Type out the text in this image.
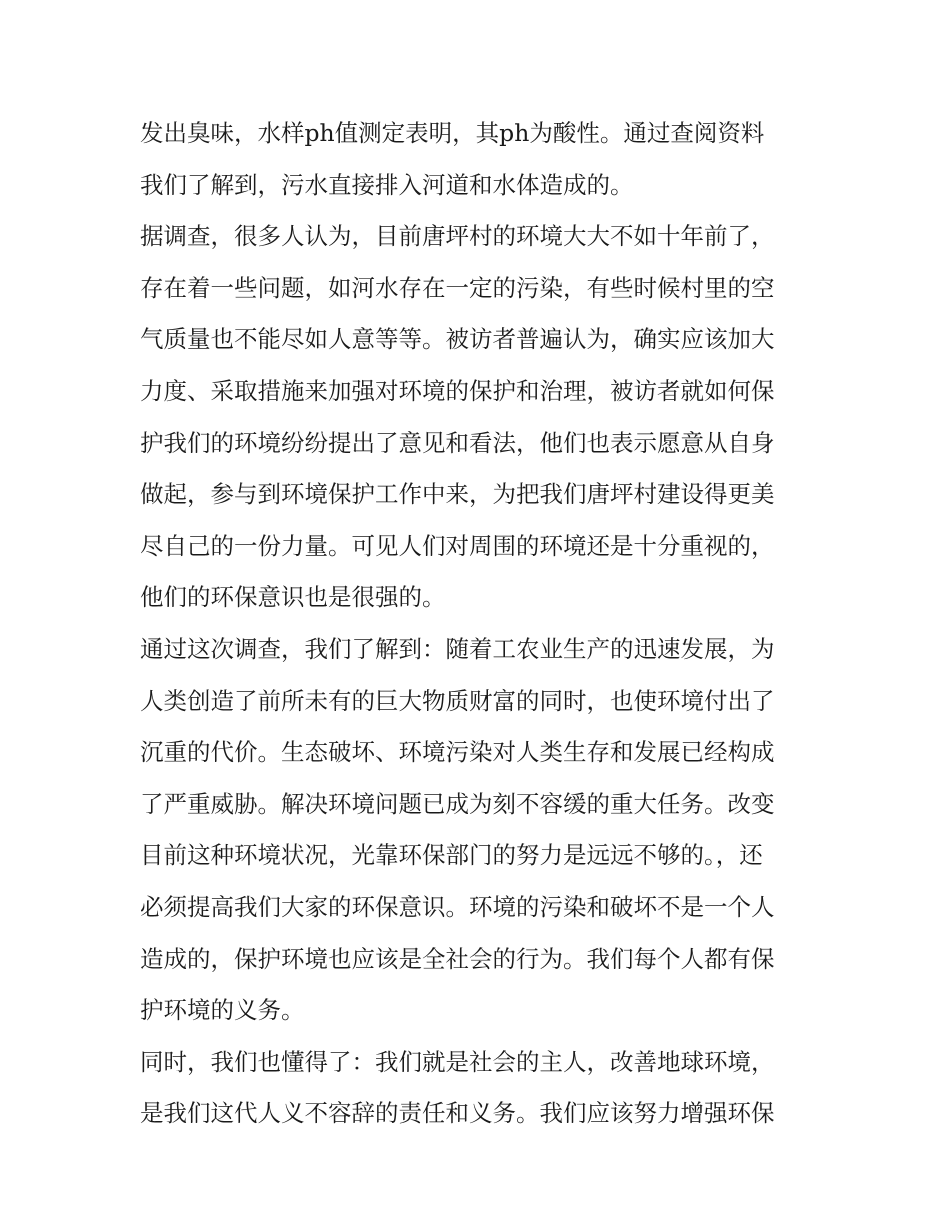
发出臭味，水样ph值测定表明，其ph为酸性。通过查阅资料
我们了解到，污水直接排入河道和水体造成的。
据调查，很多人认为，目前唐坪村的环境大大不如十年前了，
存在着一些问题，如河水存在一定的污染，有些时候村里的空
气质量也不能尽如人意等等。被访者普遍认为，确实应该加大
力度、采取措施来加强对环境的保护和治理，被访者就如何保
护我们的环境纷纷提出了意见和看法，他们也表示愿意从自身
做起，参与到环境保护工作中来，为把我们唐坪村建设得更美
尽自己的一份力量。可见人们对周围的环境还是十分重视的，
他们的环保意识也是很强的。
通过这次调查，我们了解到：随着工农业生产的迅速发展，为
人类创造了前所未有的巨大物质财富的同时，也使环境付出了
沉重的代价。生态破坏、环境污染对人类生存和发展已经构成
了严重威胁。解决环境问题已成为刻不容缓的重大任务。改变
目前这种环境状况，光靠环保部门的努力是远远不够的。，还
必须提高我们大家的环保意识。环境的污染和破坏不是一个人
造成的，保护环境也应该是全社会的行为。我们每个人都有保
护环境的义务。
同时，我们也懂得了：我们就是社会的主人，改善地球环境，
是我们这代人义不容辞的责任和义务。我们应该努力增强环保
